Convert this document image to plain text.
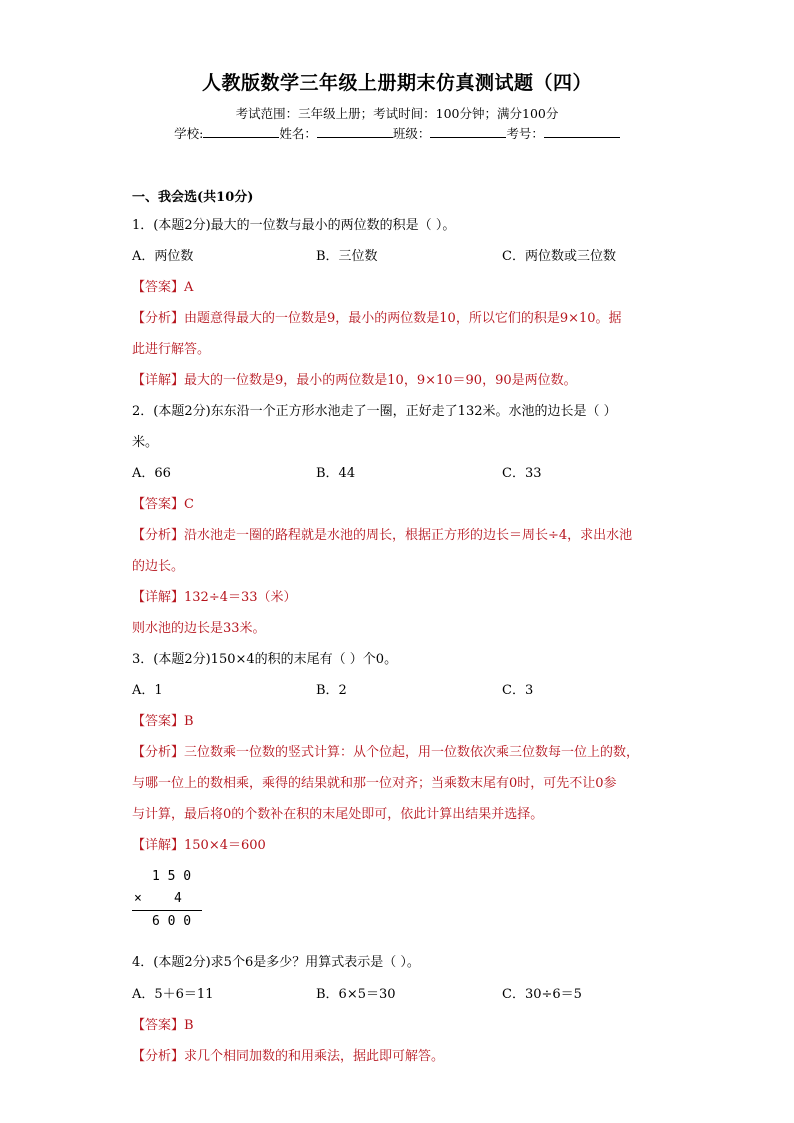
人教版数学三年级上册期末仿真测试题（四）
考试范围：三年级上册；考试时间：100分钟；满分100分
学校:	姓名：	班级：	考号：
一、我会选(共10分)
1．(本题2分)最大的一位数与最小的两位数的积是（ ）。
A．两位数	B．三位数	C．两位数或三位数
【答案】A
【分析】由题意得最大的一位数是9，最小的两位数是10，所以它们的积是9×10。据
此进行解答。
【详解】最大的一位数是9，最小的两位数是10，9×10＝90，90是两位数。
2．(本题2分)东东沿一个正方形水池走了一圈，正好走了132米。水池的边长是（ ）
米。
A．66	B．44	C．33
【答案】C
【分析】沿水池走一圈的路程就是水池的周长，根据正方形的边长＝周长÷4，求出水池
的边长。
【详解】132÷4＝33（米）
则水池的边长是33米。
3．(本题2分)150×4的积的末尾有（ ）个0。
A．1	B．2	C．3
【答案】B
【分析】三位数乘一位数的竖式计算：从个位起，用一位数依次乘三位数每一位上的数，
与哪一位上的数相乘，乘得的结果就和那一位对齐；当乘数末尾有0时，可先不让0参
与计算，最后将0的个数补在积的末尾处即可，依此计算出结果并选择。
【详解】150×4＝600
1 5 0
× 4
6 0 0
4．(本题2分)求5个6是多少？用算式表示是（ ）。
A．5＋6＝11	B．6×5＝30	C．30÷6＝5
【答案】B
【分析】求几个相同加数的和用乘法，据此即可解答。
